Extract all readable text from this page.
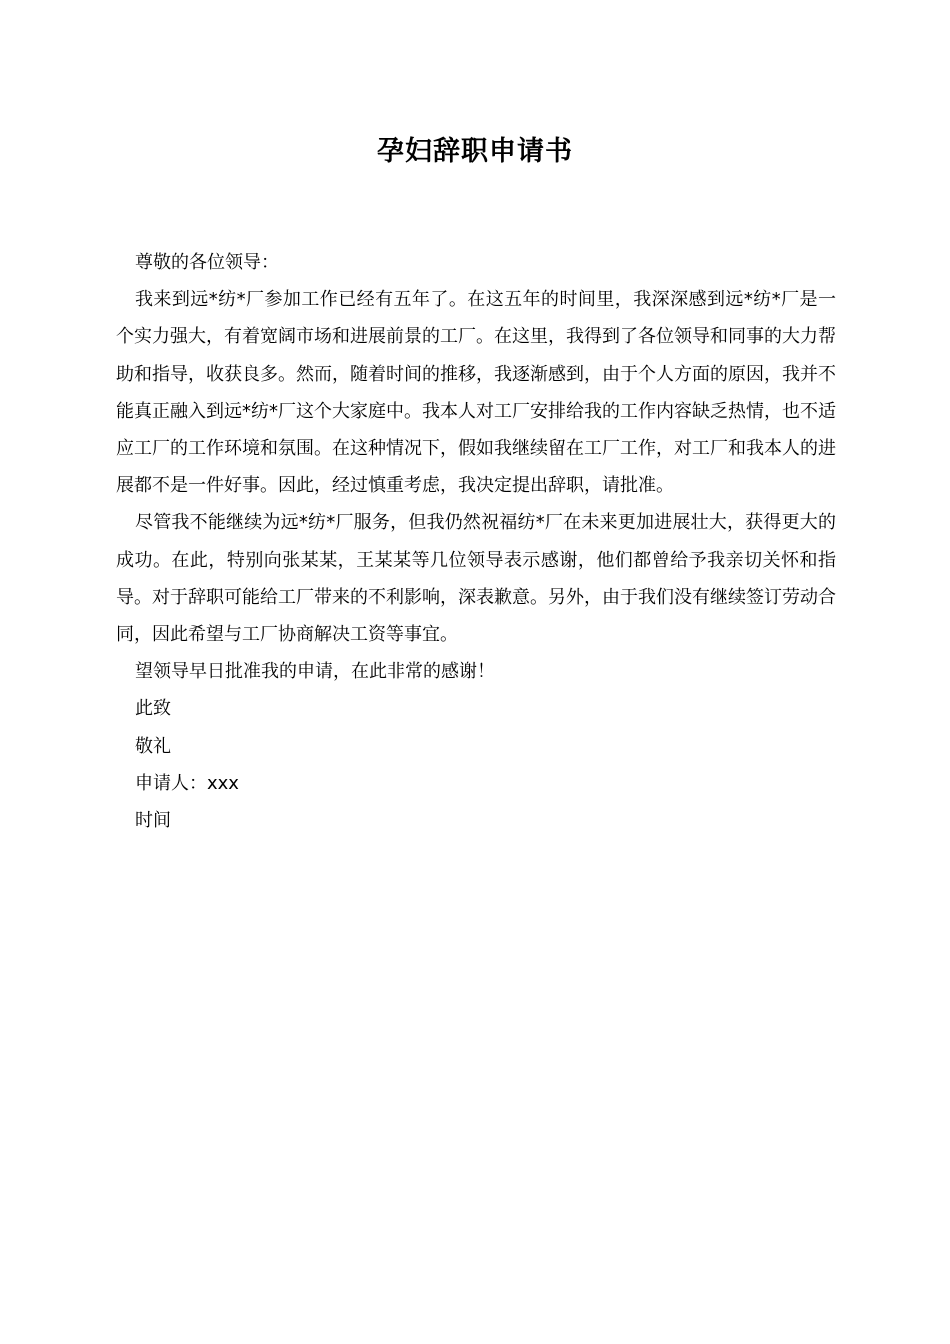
孕妇辞职申请书

尊敬的各位领导：

我来到远*纺*厂参加工作已经有五年了。在这五年的时间里，我深深感到远*纺*厂是一个实力强大，有着宽阔市场和进展前景的工厂。在这里，我得到了各位领导和同事的大力帮助和指导，收获良多。然而，随着时间的推移，我逐渐感到，由于个人方面的原因，我并不能真正融入到远*纺*厂这个大家庭中。我本人对工厂安排给我的工作内容缺乏热情，也不适应工厂的工作环境和氛围。在这种情况下，假如我继续留在工厂工作，对工厂和我本人的进展都不是一件好事。因此，经过慎重考虑，我决定提出辞职，请批准。

尽管我不能继续为远*纺*厂服务，但我仍然祝福纺*厂在未来更加进展壮大，获得更大的成功。在此，特别向张某某，王某某等几位领导表示感谢，他们都曾给予我亲切关怀和指导。对于辞职可能给工厂带来的不利影响，深表歉意。另外，由于我们没有继续签订劳动合同，因此希望与工厂协商解决工资等事宜。

望领导早日批准我的申请，在此非常的感谢！

此致

敬礼

申请人：xxx

时间
